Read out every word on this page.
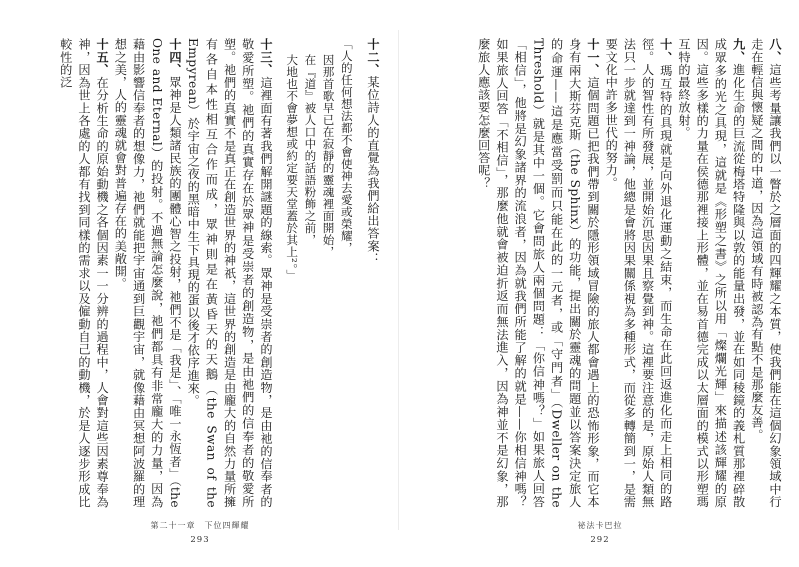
十二、某位詩人的直覺為我們給出答案：

「人的任何想法都不會使神去愛或榮耀，
因那首歌早已在寂靜的靈魂裡面開始，
在『道』被人口中的話語粉飾之前，
大地也不會夢想或約定要天堂蓋於其上²。」

十三、這裡面有著我們解開謎題的線索。眾神是受崇者的創造物，是由祂的信奉者的敬愛所塑。祂們的真實存在於眾神是受崇者的創造物，是由祂們的信奉者的敬愛所塑。祂們的真實不是真正在創造世界的神祇，這世界的創造是由龐大的自然力量所擁有各自本性相互合作而成，眾神則是在黃昏天的天鵝（the Swan of the Empyrean）於宇宙之夜的黑暗中生下具現的蛋以後才依序進來。

十四、眾神是人類諸民族的團體心智之投射，祂們不是「我是」、「唯一永恆者」（the One and Eternal）的投射。不過無論怎麼說，祂們都具有非常龐大的力量，因為藉由影響信奉者的想像力，祂們就能把宇宙通到巨觀宇宙，就像藉由冥想阿波羅的理想之美，人的靈魂就會對普遍存在的美敞開。

十五、在分析生命的原始動機之各個因素一一分辨的過程中，人會對這些因素尊奉為神，因為世上各處的人都有找到同樣的需求以及僱動自己的動機，於是人逐步形成比較性的泛

第二十一章　下位四輝耀
293

八、這些考量讓我們以一瞥於之層面的四輝耀之本質，使我們能在這個幻象領域中行走在輕信與懷疑之間的中道，因為這領域有時被認為有點不是那麼友善。

九、進化生命的巨流從梅塔特隆與以敦的能量出發，並在如同稜鏡的義札質那裡碎散成眾多的光之具現，這就是《形塑之書》之所以用「燦爛光輝」來描述該輝耀的原因。這些多樣的力量在侯德那裡接上形體，並在易首德完成以太層面的模式以形塑瑪互特的最終放射。

十、瑪互特的具現就是向外退化運動之結束，而生命在此回返進化而走上相同的路徑。人的智性有所發展，並開始沉思因果且察覺到神。這裡要注意的是，原始人類無法只一步就達到一神論，他總是會將因果關係視為多種形式，而從多轉簡到一，是需要文化中許多世代的努力。

十一、這個問題已把我們帶到關於隱形領域冒險的旅人都會遇上的恐怖形象，而它本身有兩大斯芬克斯（the Sphinx）的功能，提出關於靈魂的問題並以答案決定旅人的命運——這是應當受罰而只能在此的一元者，或「守門者」（Dweller on the Threshold）就是其中一個。它會問旅人兩個問題：「你信神嗎？」如果旅人回答「相信」，他將是幻象諸界的流浪者，因為就我們所能了解的就是——你相信神嗎？如果旅人回答「不相信」，那麼他就會被迫折返而無法進入，因為神並不是幻象，那麼旅人應該要怎麼回答呢？

祕法卡巴拉
292
